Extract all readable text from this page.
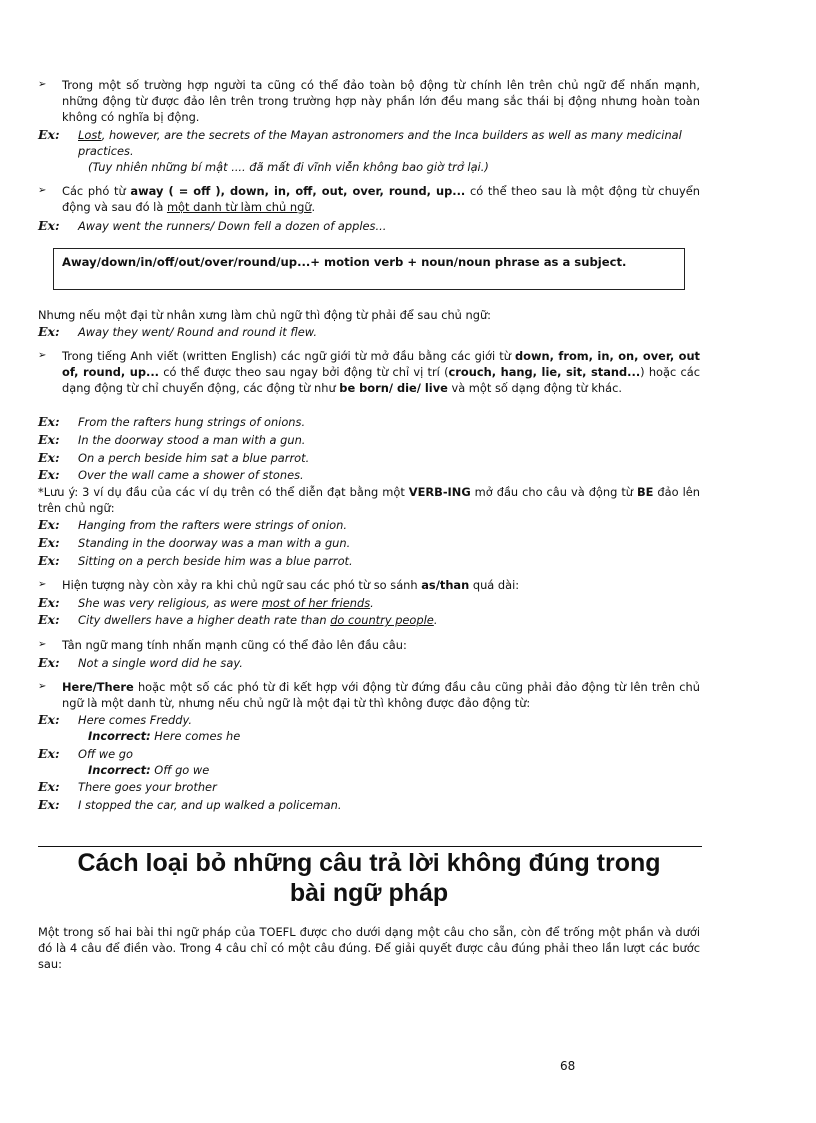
➢	Trong một số trường hợp người ta cũng có thể đảo toàn bộ động từ chính lên trên chủ ngữ để nhấn mạnh, những động từ được đảo lên trên trong trường hợp này phần lớn đều mang sắc thái bị động nhưng hoàn toàn không có nghĩa bị động.
Ex: Lost, however, are the secrets of the Mayan astronomers and the Inca builders as well as many medicinal practices.
(Tuy nhiên những bí mật .... đã mất đi vĩnh viễn không bao giờ trở lại.)
➢	Các phó từ away ( = off ), down, in, off, out, over, round, up... có thể theo sau là một động từ chuyển động và sau đó là một danh từ làm chủ ngữ.
Ex: Away went the runners/ Down fell a dozen of apples...
Away/down/in/off/out/over/round/up...+ motion verb + noun/noun phrase as a subject.
Nhưng nếu một đại từ nhân xưng làm chủ ngữ thì động từ phải để sau chủ ngữ:
Ex: Away they went/ Round and round it flew.
➢	Trong tiếng Anh viết (written English) các ngữ giới từ mở đầu bằng các giới từ down, from, in, on, over, out of, round, up... có thể được theo sau ngay bởi động từ chỉ vị trí (crouch, hang, lie, sit, stand...) hoặc các dạng động từ chỉ chuyển động, các động từ như be born/ die/ live và một số dạng động từ khác.
Ex: From the rafters hung strings of onions.
Ex: In the doorway stood a man with a gun.
Ex: On a perch beside him sat a blue parrot.
Ex: Over the wall came a shower of stones.
*Lưu ý: 3 ví dụ đầu của các ví dụ trên có thể diễn đạt bằng một VERB-ING mở đầu cho câu và động từ BE đảo lên trên chủ ngữ:
Ex: Hanging from the rafters were strings of onion.
Ex: Standing in the doorway was a man with a gun.
Ex: Sitting on a perch beside him was a blue parrot.
➢	Hiện tượng này còn xảy ra khi chủ ngữ sau các phó từ so sánh as/than quá dài:
Ex: She was very religious, as were most of her friends.
Ex: City dwellers have a higher death rate than do country people.
➢	Tân ngữ mang tính nhấn mạnh cũng có thể đảo lên đầu câu:
Ex: Not a single word did he say.
➢	Here/There hoặc một số các phó từ đi kết hợp với động từ đứng đầu câu cũng phải đảo động từ lên trên chủ ngữ là một danh từ, nhưng nếu chủ ngữ là một đại từ thì không được đảo động từ:
Ex: Here comes Freddy.
Incorrect: Here comes he
Ex: Off we go
Incorrect: Off go we
Ex: There goes your brother
Ex: I stopped the car, and up walked a policeman.
Cách loại bỏ những câu trả lời không đúng trong
bài ngữ pháp
Một trong số hai bài thi ngữ pháp của TOEFL được cho dưới dạng một câu cho sẵn, còn để trống một phần và dưới đó là 4 câu để điền vào. Trong 4 câu chỉ có một câu đúng. Để giải quyết được câu đúng phải theo lần lượt các bước sau:
68
